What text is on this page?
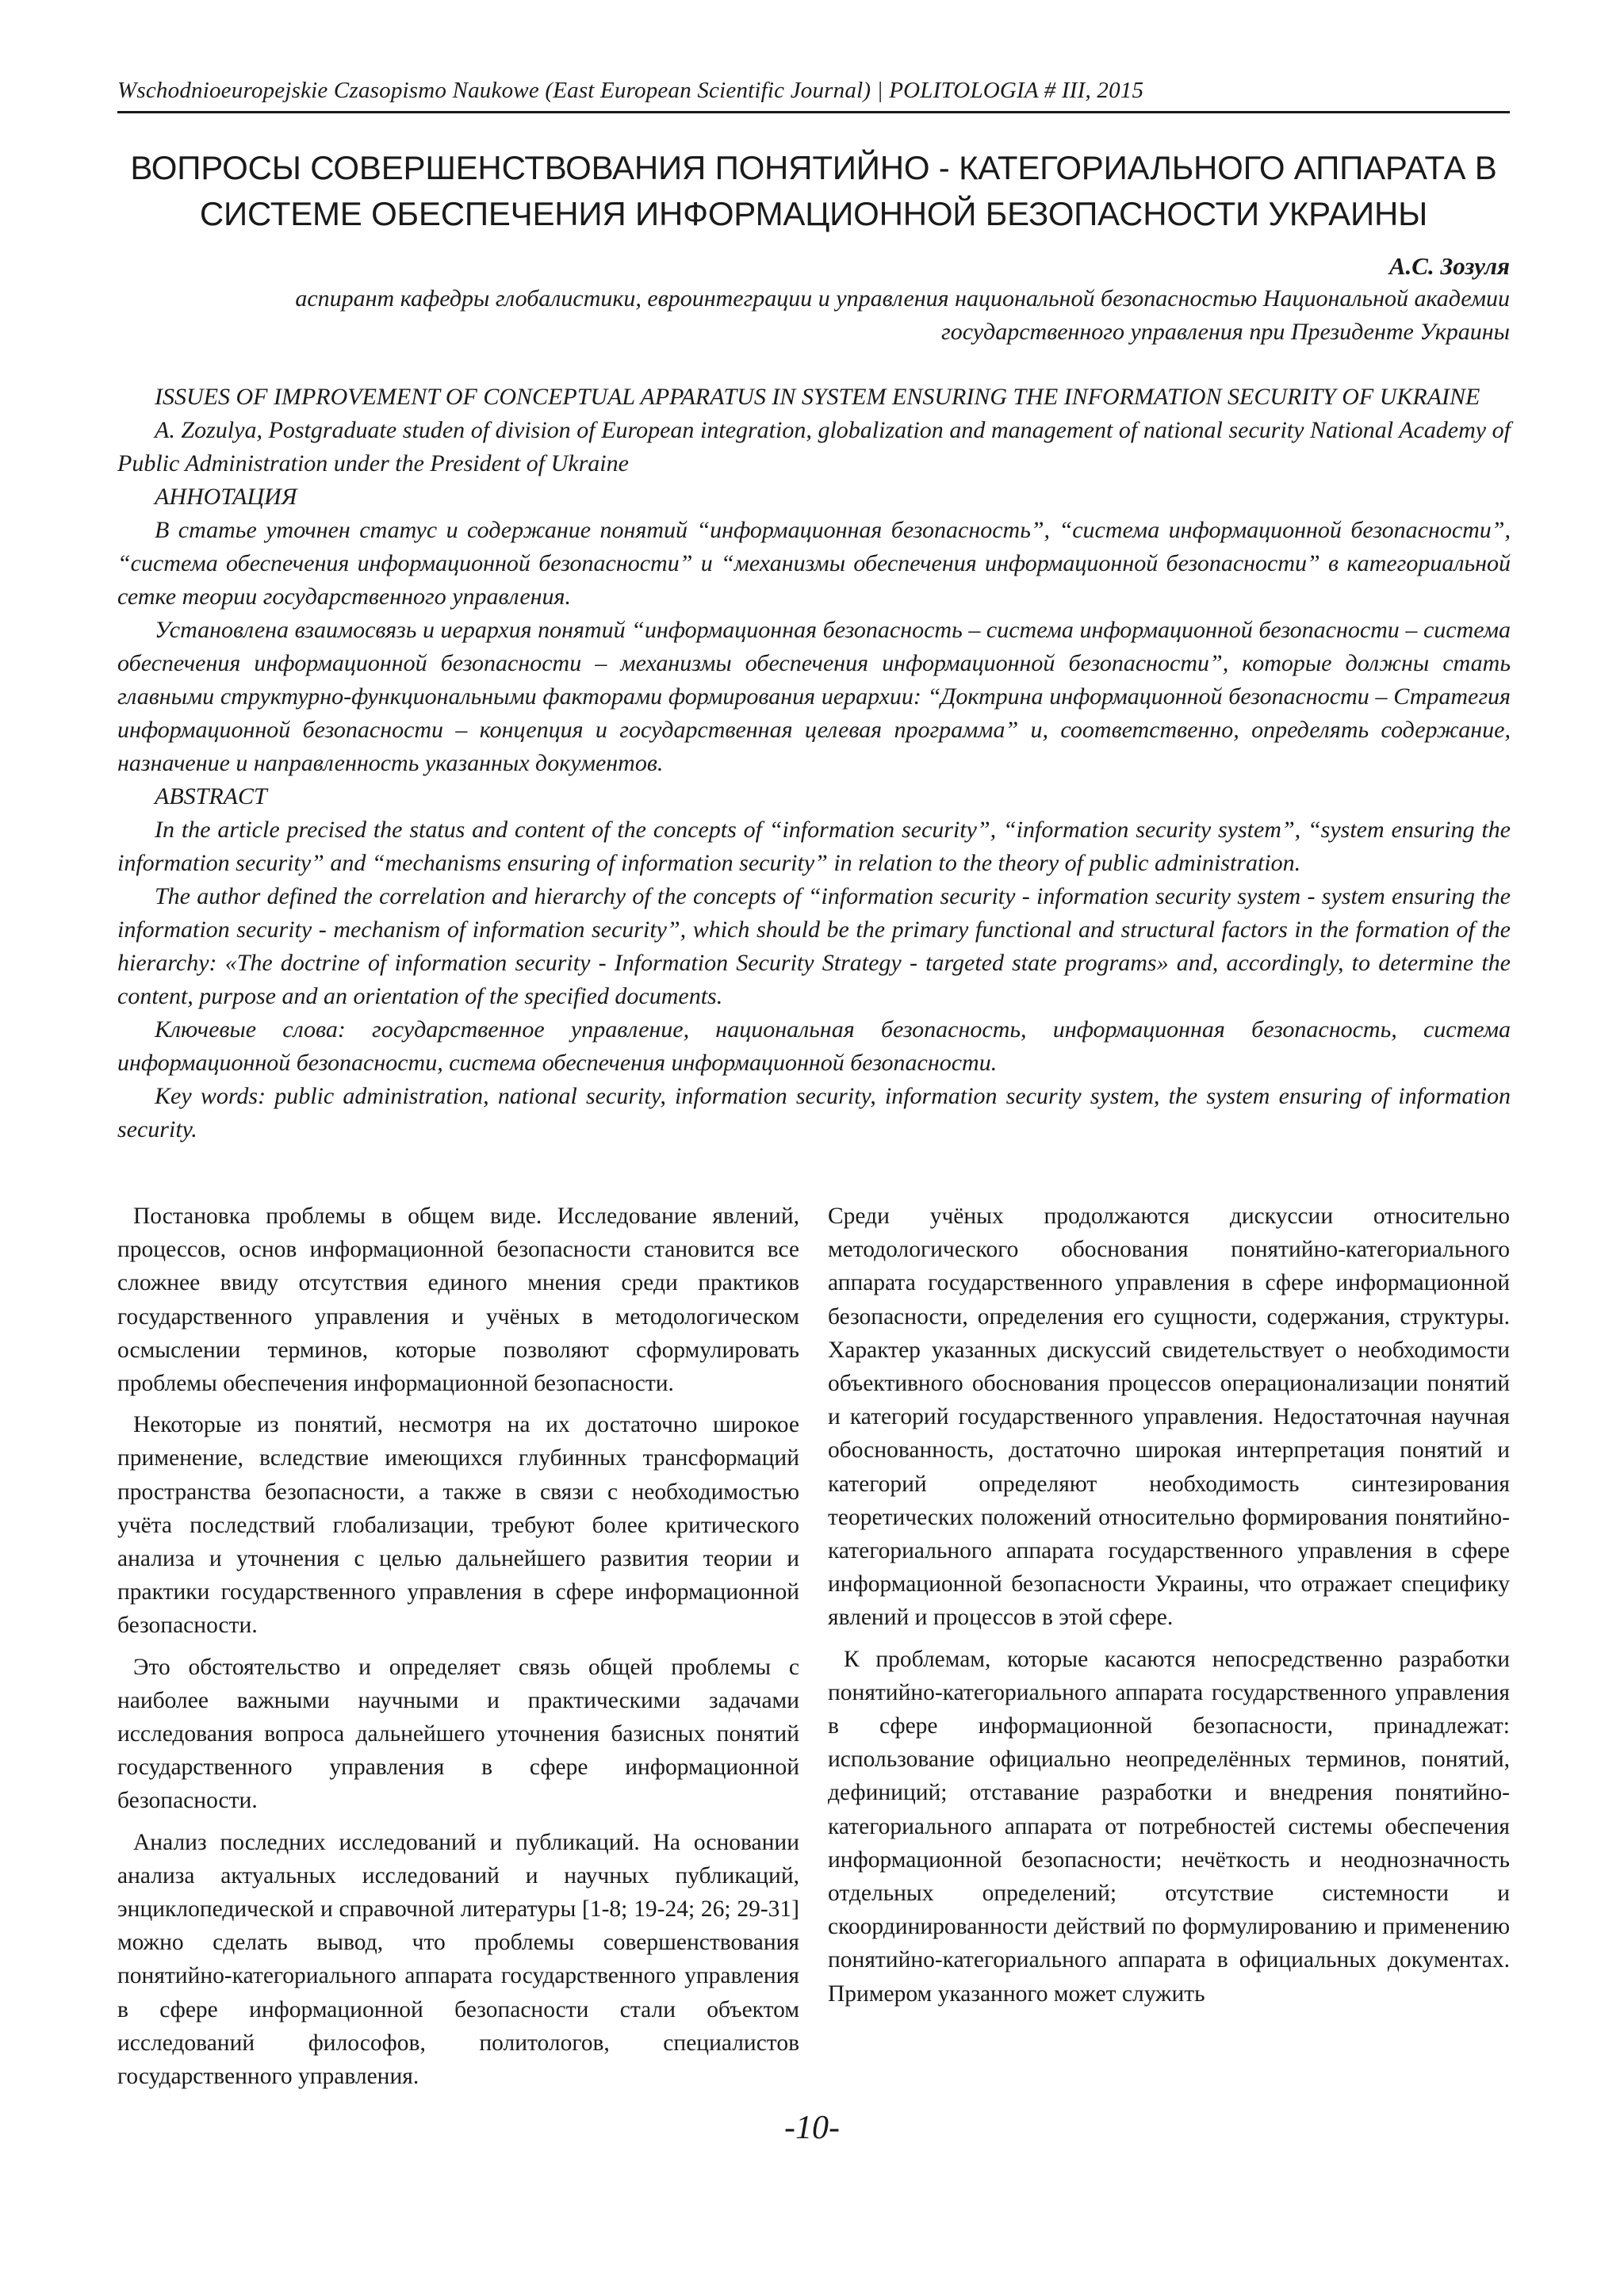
Wschodnioeuropejskie Czasopismo Naukowe (East European Scientific Journal) | POLITOLOGIA # III, 2015
ВОПРОСЫ СОВЕРШЕНСТВОВАНИЯ ПОНЯТИЙНО - КАТЕГОРИАЛЬНОГО АППАРАТА В
СИСТЕМЕ ОБЕСПЕЧЕНИЯ ИНФОРМАЦИОННОЙ БЕЗОПАСНОСТИ УКРАИНЫ
А.С. Зозуля
аспирант кафедры глобалистики, евроинтеграции и управления национальной безопасностью Национальной академии
государственного управления при Президенте Украины

ISSUES OF IMPROVEMENT OF CONCEPTUAL APPARATUS IN SYSTEM ENSURING THE INFORMATION SECURITY OF UKRAINE

A. Zozulya, Postgraduate studen of division of European integration, globalization and management of national security National Academy of Public Administration under the President of Ukraine

АННОТАЦИЯ

В статье уточнен статус и содержание понятий “информационная безопасность”, “система информационной безопасности”, “система обеспечения информационной безопасности” и “механизмы обеспечения информационной безопасности” в категориальной сетке теории государственного управления.

Установлена взаимосвязь и иерархия понятий “информационная безопасность – система информационной безопасности – система обеспечения информационной безопасности – механизмы обеспечения информационной безопасности”, которые должны стать главными структурно-функциональными факторами формирования иерархии: “Доктрина информационной безопасности – Стратегия информационной безопасности – концепция и государственная целевая программа” и, соответственно, определять содержание, назначение и направленность указанных документов.

ABSTRACT

In the article precised the status and content of the concepts of “information security”, “information security system”, “system ensuring the information security” and “mechanisms ensuring of information security” in relation to the theory of public administration.

The author defined the correlation and hierarchy of the concepts of “information security - information security system - system ensuring the information security - mechanism of information security”, which should be the primary functional and structural factors in the formation of the hierarchy: «The doctrine of information security - Information Security Strategy - targeted state programs» and, accordingly, to determine the content, purpose and an orientation of the specified documents.

Ключевые слова: государственное управление, национальная безопасность, информационная безопасность, система информационной безопасности, система обеспечения информационной безопасности.

Key words: public administration, national security, information security, information security system, the system ensuring of information security.

Постановка проблемы в общем виде. Исследование явлений, процессов, основ информационной безопасности становится все сложнее ввиду отсутствия единого мнения среди практиков государственного управления и учёных в методологическом осмыслении терминов, которые позволяют сформулировать проблемы обеспечения информационной безопасности.

Некоторые из понятий, несмотря на их достаточно широкое применение, вследствие имеющихся глубинных трансформаций пространства безопасности, а также в связи с необходимостью учёта последствий глобализации, требуют более критического анализа и уточнения с целью дальнейшего развития теории и практики государственного управления в сфере информационной безопасности.

Это обстоятельство и определяет связь общей проблемы с наиболее важными научными и практическими задачами исследования вопроса дальнейшего уточнения базисных понятий государственного управления в сфере информационной безопасности.

Анализ последних исследований и публикаций. На основании анализа актуальных исследований и научных публикаций, энциклопедической и справочной литературы [1-8; 19-24; 26; 29-31] можно сделать вывод, что проблемы совершенствования понятийно-категориального аппарата государственного управления в сфере информационной безопасности стали объектом исследований философов, политологов, специалистов государственного управления.

Среди учёных продолжаются дискуссии относительно методологического обоснования понятийно-категориального аппарата государственного управления в сфере информационной безопасности, определения его сущности, содержания, структуры. Характер указанных дискуссий свидетельствует о необходимости объективного обоснования процессов операционализации понятий и категорий государственного управления. Недостаточная научная обоснованность, достаточно широкая интерпретация понятий и категорий определяют необходимость синтезирования теоретических положений относительно формирования понятийно-категориального аппарата государственного управления в сфере информационной безопасности Украины, что отражает специфику явлений и процессов в этой сфере.

К проблемам, которые касаются непосредственно разработки понятийно-категориального аппарата государственного управления в сфере информационной безопасности, принадлежат: использование официально неопределённых терминов, понятий, дефиниций; отставание разработки и внедрения понятийно-категориального аппарата от потребностей системы обеспечения информационной безопасности; нечёткость и неоднозначность отдельных определений; отсутствие системности и скоординированности действий по формулированию и применению понятийно-категориального аппарата в официальных документах. Примером указанного может служить

-10-
